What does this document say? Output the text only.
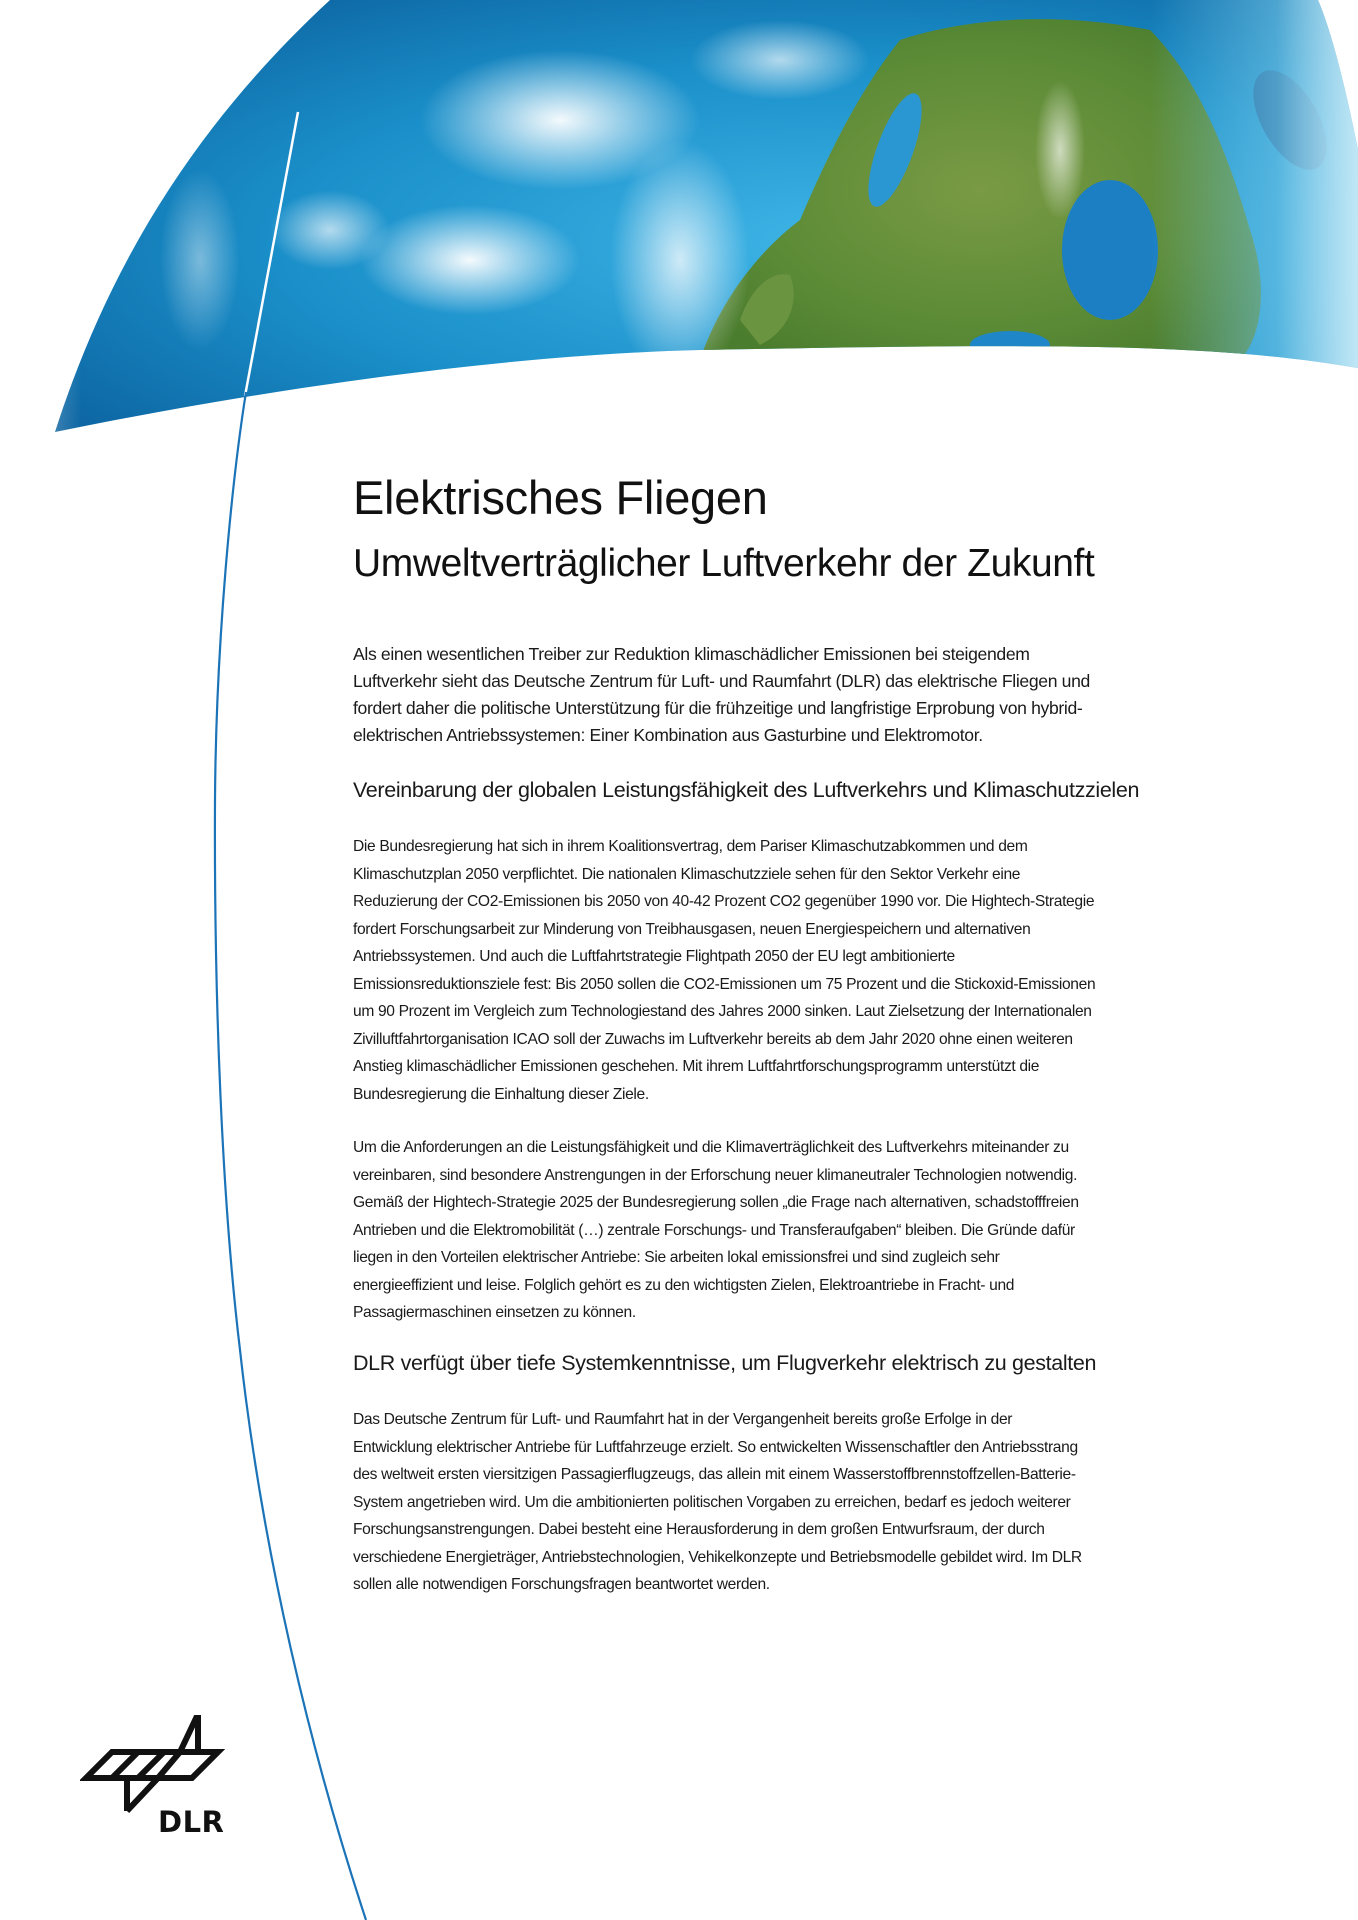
Elektrisches Fliegen
Umweltverträglicher Luftverkehr der Zukunft

Als einen wesentlichen Treiber zur Reduktion klimaschädlicher Emissionen bei steigendem
Luftverkehr sieht das Deutsche Zentrum für Luft- und Raumfahrt (DLR) das elektrische Fliegen und
fordert daher die politische Unterstützung für die frühzeitige und langfristige Erprobung von hybrid-
elektrischen Antriebssystemen: Einer Kombination aus Gasturbine und Elektromotor.

Vereinbarung der globalen Leistungsfähigkeit des Luftverkehrs und Klimaschutzzielen

Die Bundesregierung hat sich in ihrem Koalitionsvertrag, dem Pariser Klimaschutzabkommen und dem
Klimaschutzplan 2050 verpflichtet. Die nationalen Klimaschutzziele sehen für den Sektor Verkehr eine
Reduzierung der CO2-Emissionen bis 2050 von 40-42 Prozent CO2 gegenüber 1990 vor. Die Hightech-Strategie
fordert Forschungsarbeit zur Minderung von Treibhausgasen, neuen Energiespeichern und alternativen
Antriebssystemen. Und auch die Luftfahrtstrategie Flightpath 2050 der EU legt ambitionierte
Emissionsreduktionsziele fest: Bis 2050 sollen die CO2-Emissionen um 75 Prozent und die Stickoxid-Emissionen
um 90 Prozent im Vergleich zum Technologiestand des Jahres 2000 sinken. Laut Zielsetzung der Internationalen
Zivilluftfahrtorganisation ICAO soll der Zuwachs im Luftverkehr bereits ab dem Jahr 2020 ohne einen weiteren
Anstieg klimaschädlicher Emissionen geschehen. Mit ihrem Luftfahrtforschungsprogramm unterstützt die
Bundesregierung die Einhaltung dieser Ziele.

Um die Anforderungen an die Leistungsfähigkeit und die Klimaverträglichkeit des Luftverkehrs miteinander zu
vereinbaren, sind besondere Anstrengungen in der Erforschung neuer klimaneutraler Technologien notwendig.
Gemäß der Hightech-Strategie 2025 der Bundesregierung sollen „die Frage nach alternativen, schadstofffreien
Antrieben und die Elektromobilität (…) zentrale Forschungs- und Transferaufgaben“ bleiben. Die Gründe dafür
liegen in den Vorteilen elektrischer Antriebe: Sie arbeiten lokal emissionsfrei und sind zugleich sehr
energieeffizient und leise. Folglich gehört es zu den wichtigsten Zielen, Elektroantriebe in Fracht- und
Passagiermaschinen einsetzen zu können.

DLR verfügt über tiefe Systemkenntnisse, um Flugverkehr elektrisch zu gestalten

Das Deutsche Zentrum für Luft- und Raumfahrt hat in der Vergangenheit bereits große Erfolge in der
Entwicklung elektrischer Antriebe für Luftfahrzeuge erzielt. So entwickelten Wissenschaftler den Antriebsstrang
des weltweit ersten viersitzigen Passagierflugzeugs, das allein mit einem Wasserstoffbrennstoffzellen-Batterie-
System angetrieben wird. Um die ambitionierten politischen Vorgaben zu erreichen, bedarf es jedoch weiterer
Forschungsanstrengungen. Dabei besteht eine Herausforderung in dem großen Entwurfsraum, der durch
verschiedene Energieträger, Antriebstechnologien, Vehikelkonzepte und Betriebsmodelle gebildet wird. Im DLR
sollen alle notwendigen Forschungsfragen beantwortet werden.

DLR
